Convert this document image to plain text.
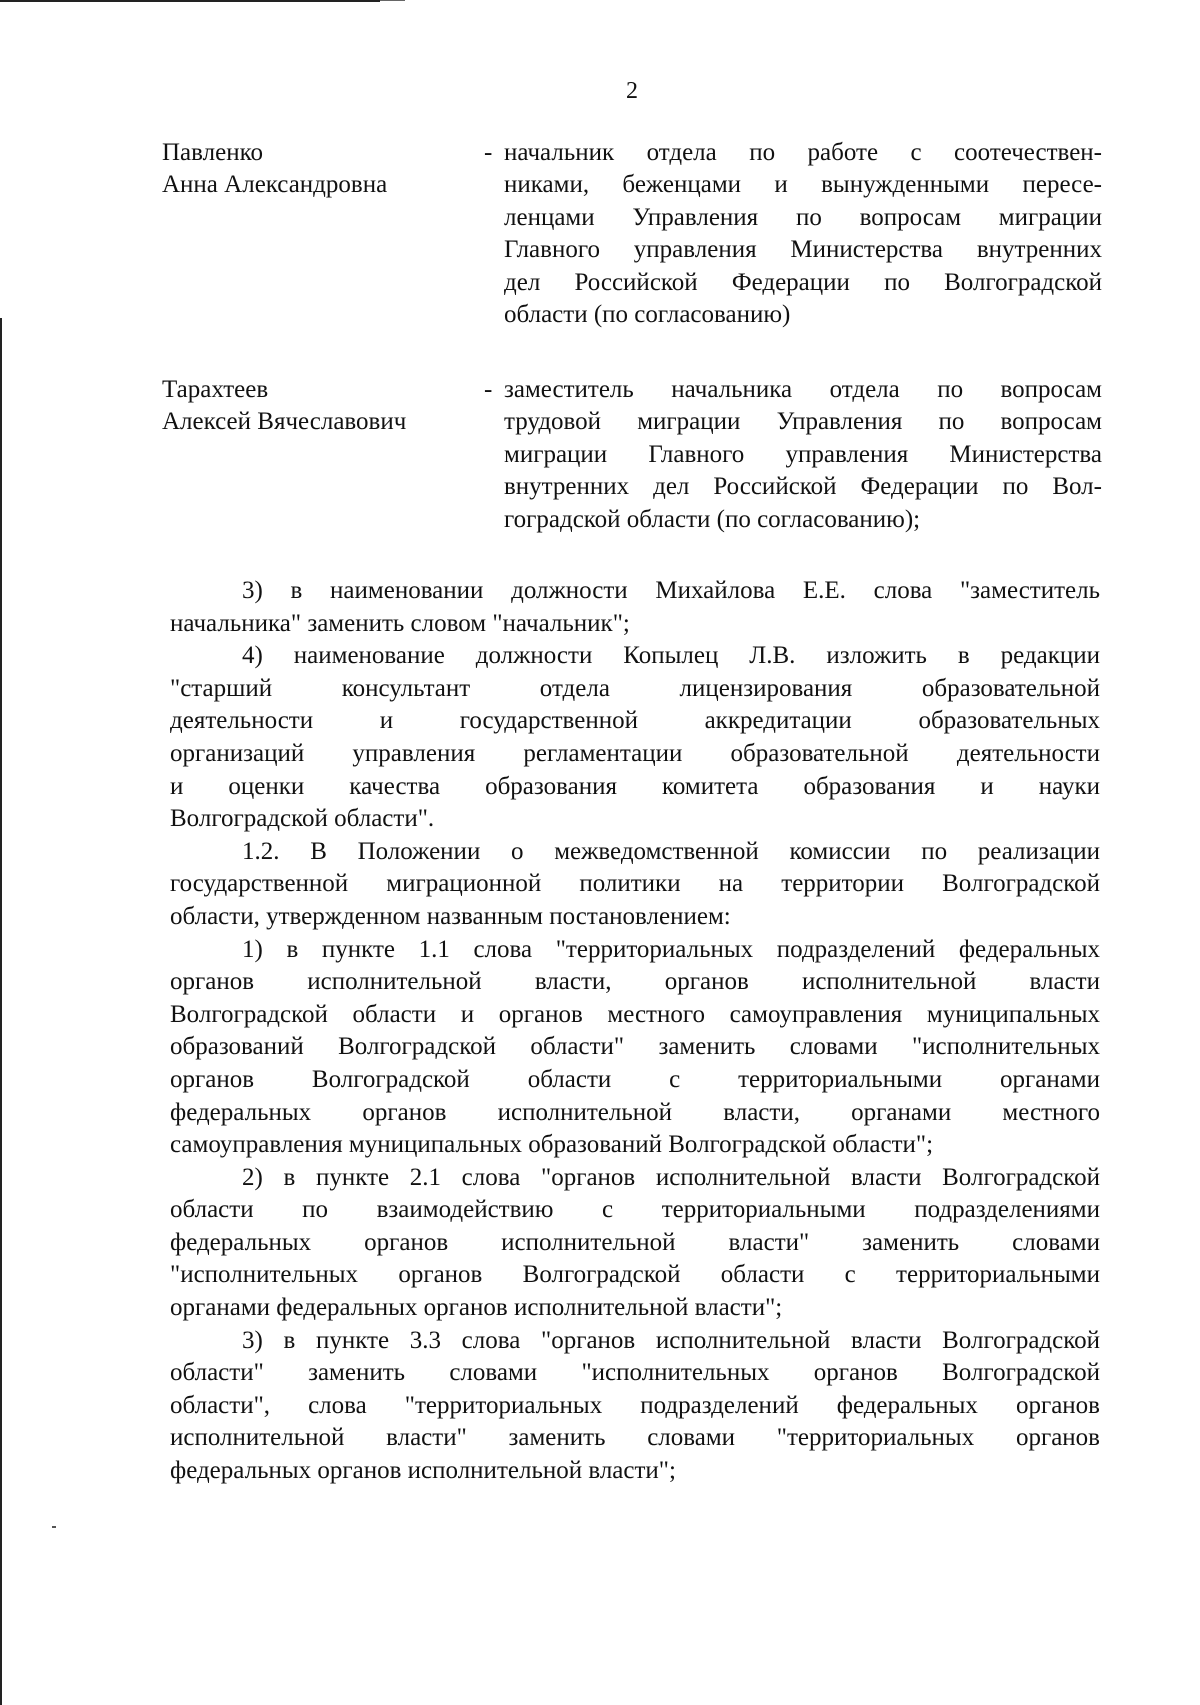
2
Павленко
Анна Александровна
- начальник отдела по работе с соотечествен-
никами, беженцами и вынужденными пересе-
ленцами Управления по вопросам миграции
Главного управления Министерства внутренних
дел Российской Федерации по Волгоградской
области (по согласованию)
Тарахтеев
Алексей Вячеславович
- заместитель начальника отдела по вопросам
трудовой миграции Управления по вопросам
миграции Главного управления Министерства
внутренних дел Российской Федерации по Вол-
гоградской области (по согласованию);
3) в наименовании должности Михайлова Е.Е. слова "заместитель
начальника" заменить словом "начальник";
4) наименование должности Копылец Л.В. изложить в редакции
"старший консультант отдела лицензирования образовательной
деятельности и государственной аккредитации образовательных
организаций управления регламентации образовательной деятельности
и оценки качества образования комитета образования и науки
Волгоградской области".
1.2. В Положении о межведомственной комиссии по реализации
государственной миграционной политики на территории Волгоградской
области, утвержденном названным постановлением:
1) в пункте 1.1 слова "территориальных подразделений федеральных
органов исполнительной власти, органов исполнительной власти
Волгоградской области и органов местного самоуправления муниципальных
образований Волгоградской области" заменить словами "исполнительных
органов Волгоградской области с территориальными органами
федеральных органов исполнительной власти, органами местного
самоуправления муниципальных образований Волгоградской области";
2) в пункте 2.1 слова "органов исполнительной власти Волгоградской
области по взаимодействию с территориальными подразделениями
федеральных органов исполнительной власти" заменить словами
"исполнительных органов Волгоградской области с территориальными
органами федеральных органов исполнительной власти";
3) в пункте 3.3 слова "органов исполнительной власти Волгоградской
области" заменить словами "исполнительных органов Волгоградской
области", слова "территориальных подразделений федеральных органов
исполнительной власти" заменить словами "территориальных органов
федеральных органов исполнительной власти";
